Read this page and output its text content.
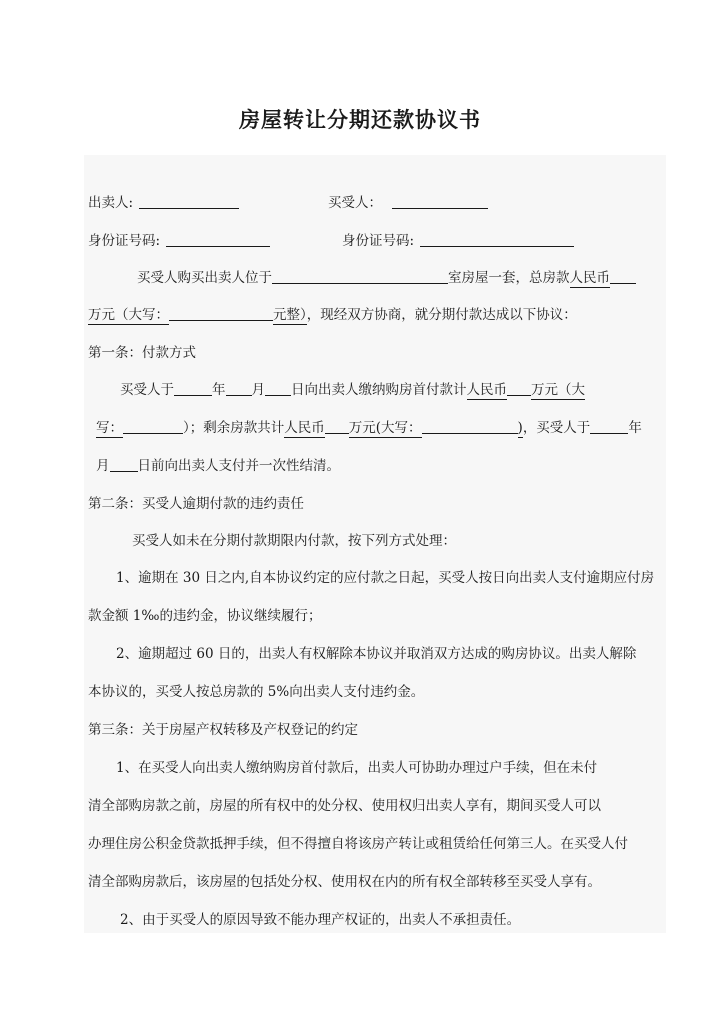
房屋转让分期还款协议书
出卖人:	买受人：
身份证号码:	身份证号码:
买受人购买出卖人位于	室房屋一套，总房款人民币
万元（大写：	元整），现经双方协商，就分期付款达成以下协议：
第一条：付款方式
买受人于	年 月 日向出卖人缴纳购房首付款计人民币 万元（大
写：	）；剩余房款共计人民币 万元(大写：	)，买受人于	年
月 日前向出卖人支付并一次性结清。
第二条：买受人逾期付款的违约责任
买受人如未在分期付款期限内付款，按下列方式处理：
1、逾期在 30 日之内,自本协议约定的应付款之日起，买受人按日向出卖人支付逾期应付房
款金额 1‰的违约金，协议继续履行；
2、逾期超过 60 日的，出卖人有权解除本协议并取消双方达成的购房协议。出卖人解除
本协议的，买受人按总房款的 5%向出卖人支付违约金。
第三条：关于房屋产权转移及产权登记的约定
1、在买受人向出卖人缴纳购房首付款后，出卖人可协助办理过户手续，但在未付
清全部购房款之前，房屋的所有权中的处分权、使用权归出卖人享有，期间买受人可以
办理住房公积金贷款抵押手续，但不得擅自将该房产转让或租赁给任何第三人。在买受人付
清全部购房款后，该房屋的包括处分权、使用权在内的所有权全部转移至买受人享有。
2、由于买受人的原因导致不能办理产权证的，出卖人不承担责任。
